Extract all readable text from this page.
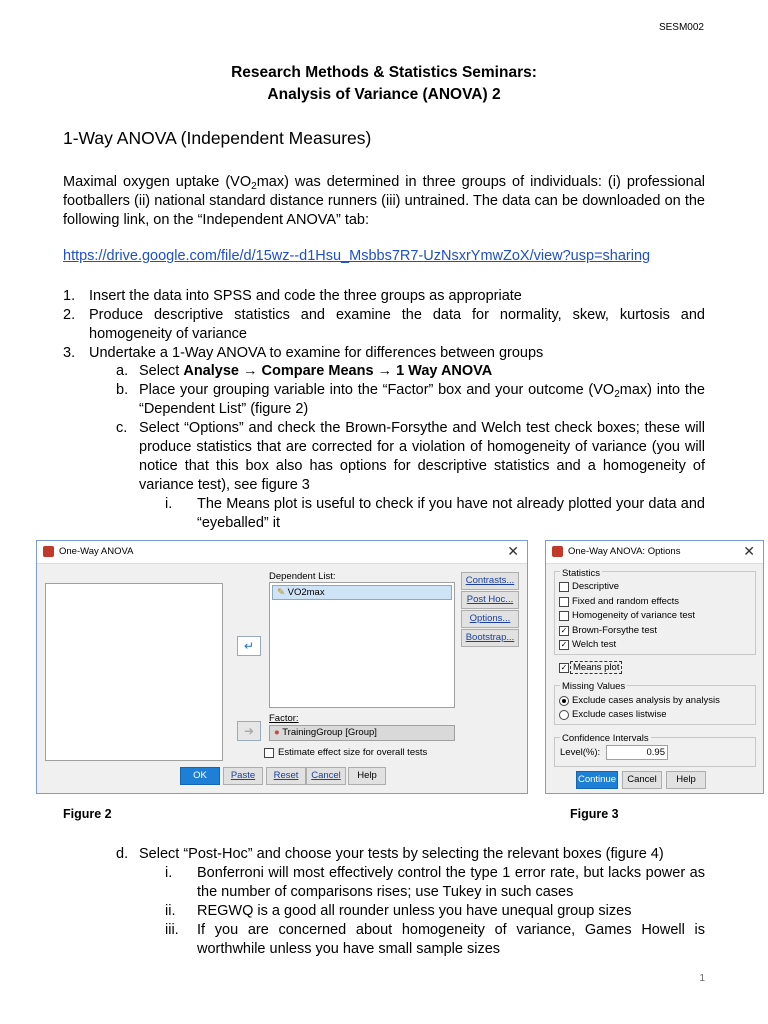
SESM002
Research Methods & Statistics Seminars:
Analysis of Variance (ANOVA) 2
1-Way ANOVA (Independent Measures)
Maximal oxygen uptake $(VO_2\max)$ was determined in three groups of individuals: (i) professional footballers (ii) national standard distance runners (iii) untrained. The data can be downloaded on the following link, on the “Independent ANOVA” tab:
https://drive.google.com/file/d/15wz--d1Hsu_Msbbs7R7-UzNsxrYmwZoX/view?usp=sharing
1. Insert the data into SPSS and code the three groups as appropriate
2. Produce descriptive statistics and examine the data for normality, skew, kurtosis and homogeneity of variance
3. Undertake a 1-Way ANOVA to examine for differences between groups
a. Select Analyse → Compare Means → 1 Way ANOVA
b. Place your grouping variable into the “Factor” box and your outcome $(VO_2\max)$ into the “Dependent List” (figure 2)
c. Select “Options” and check the Brown-Forsythe and Welch test check boxes; these will produce statistics that are corrected for a violation of homogeneity of variance (you will notice that this box also has options for descriptive statistics and a homogeneity of variance test), see figure 3
i. The Means plot is useful to check if you have not already plotted your data and “eyeballed” it
d. Select “Post-Hoc” and choose your tests by selecting the relevant boxes (figure 4)
i. Bonferroni will most effectively control the type 1 error rate, but lacks power as the number of comparisons rises; use Tukey in such cases
ii. REGWQ is a good all rounder unless you have unequal group sizes
iii. If you are concerned about homogeneity of variance, Games Howell is worthwhile unless you have small sample sizes
One-Way ANOVA	✕
Dependent List:
✎ VO2max
↵
➜
Factor:
● TrainingGroup [Group]
Estimate effect size for overall tests
Contrasts...
Post Hoc...
Options...
Bootstrap...
OK	Paste	Reset	Cancel	Help
Figure 2
One-Way ANOVA: Options	✕
Statistics
Descriptive
Fixed and random effects
Homogeneity of variance test
✓ Brown-Forsythe test
✓ Welch test
✓ Means plot
Missing Values
Exclude cases analysis by analysis
Exclude cases listwise
Confidence Intervals
Level(%):	0.95
Continue	Cancel	Help
Figure 3
1
